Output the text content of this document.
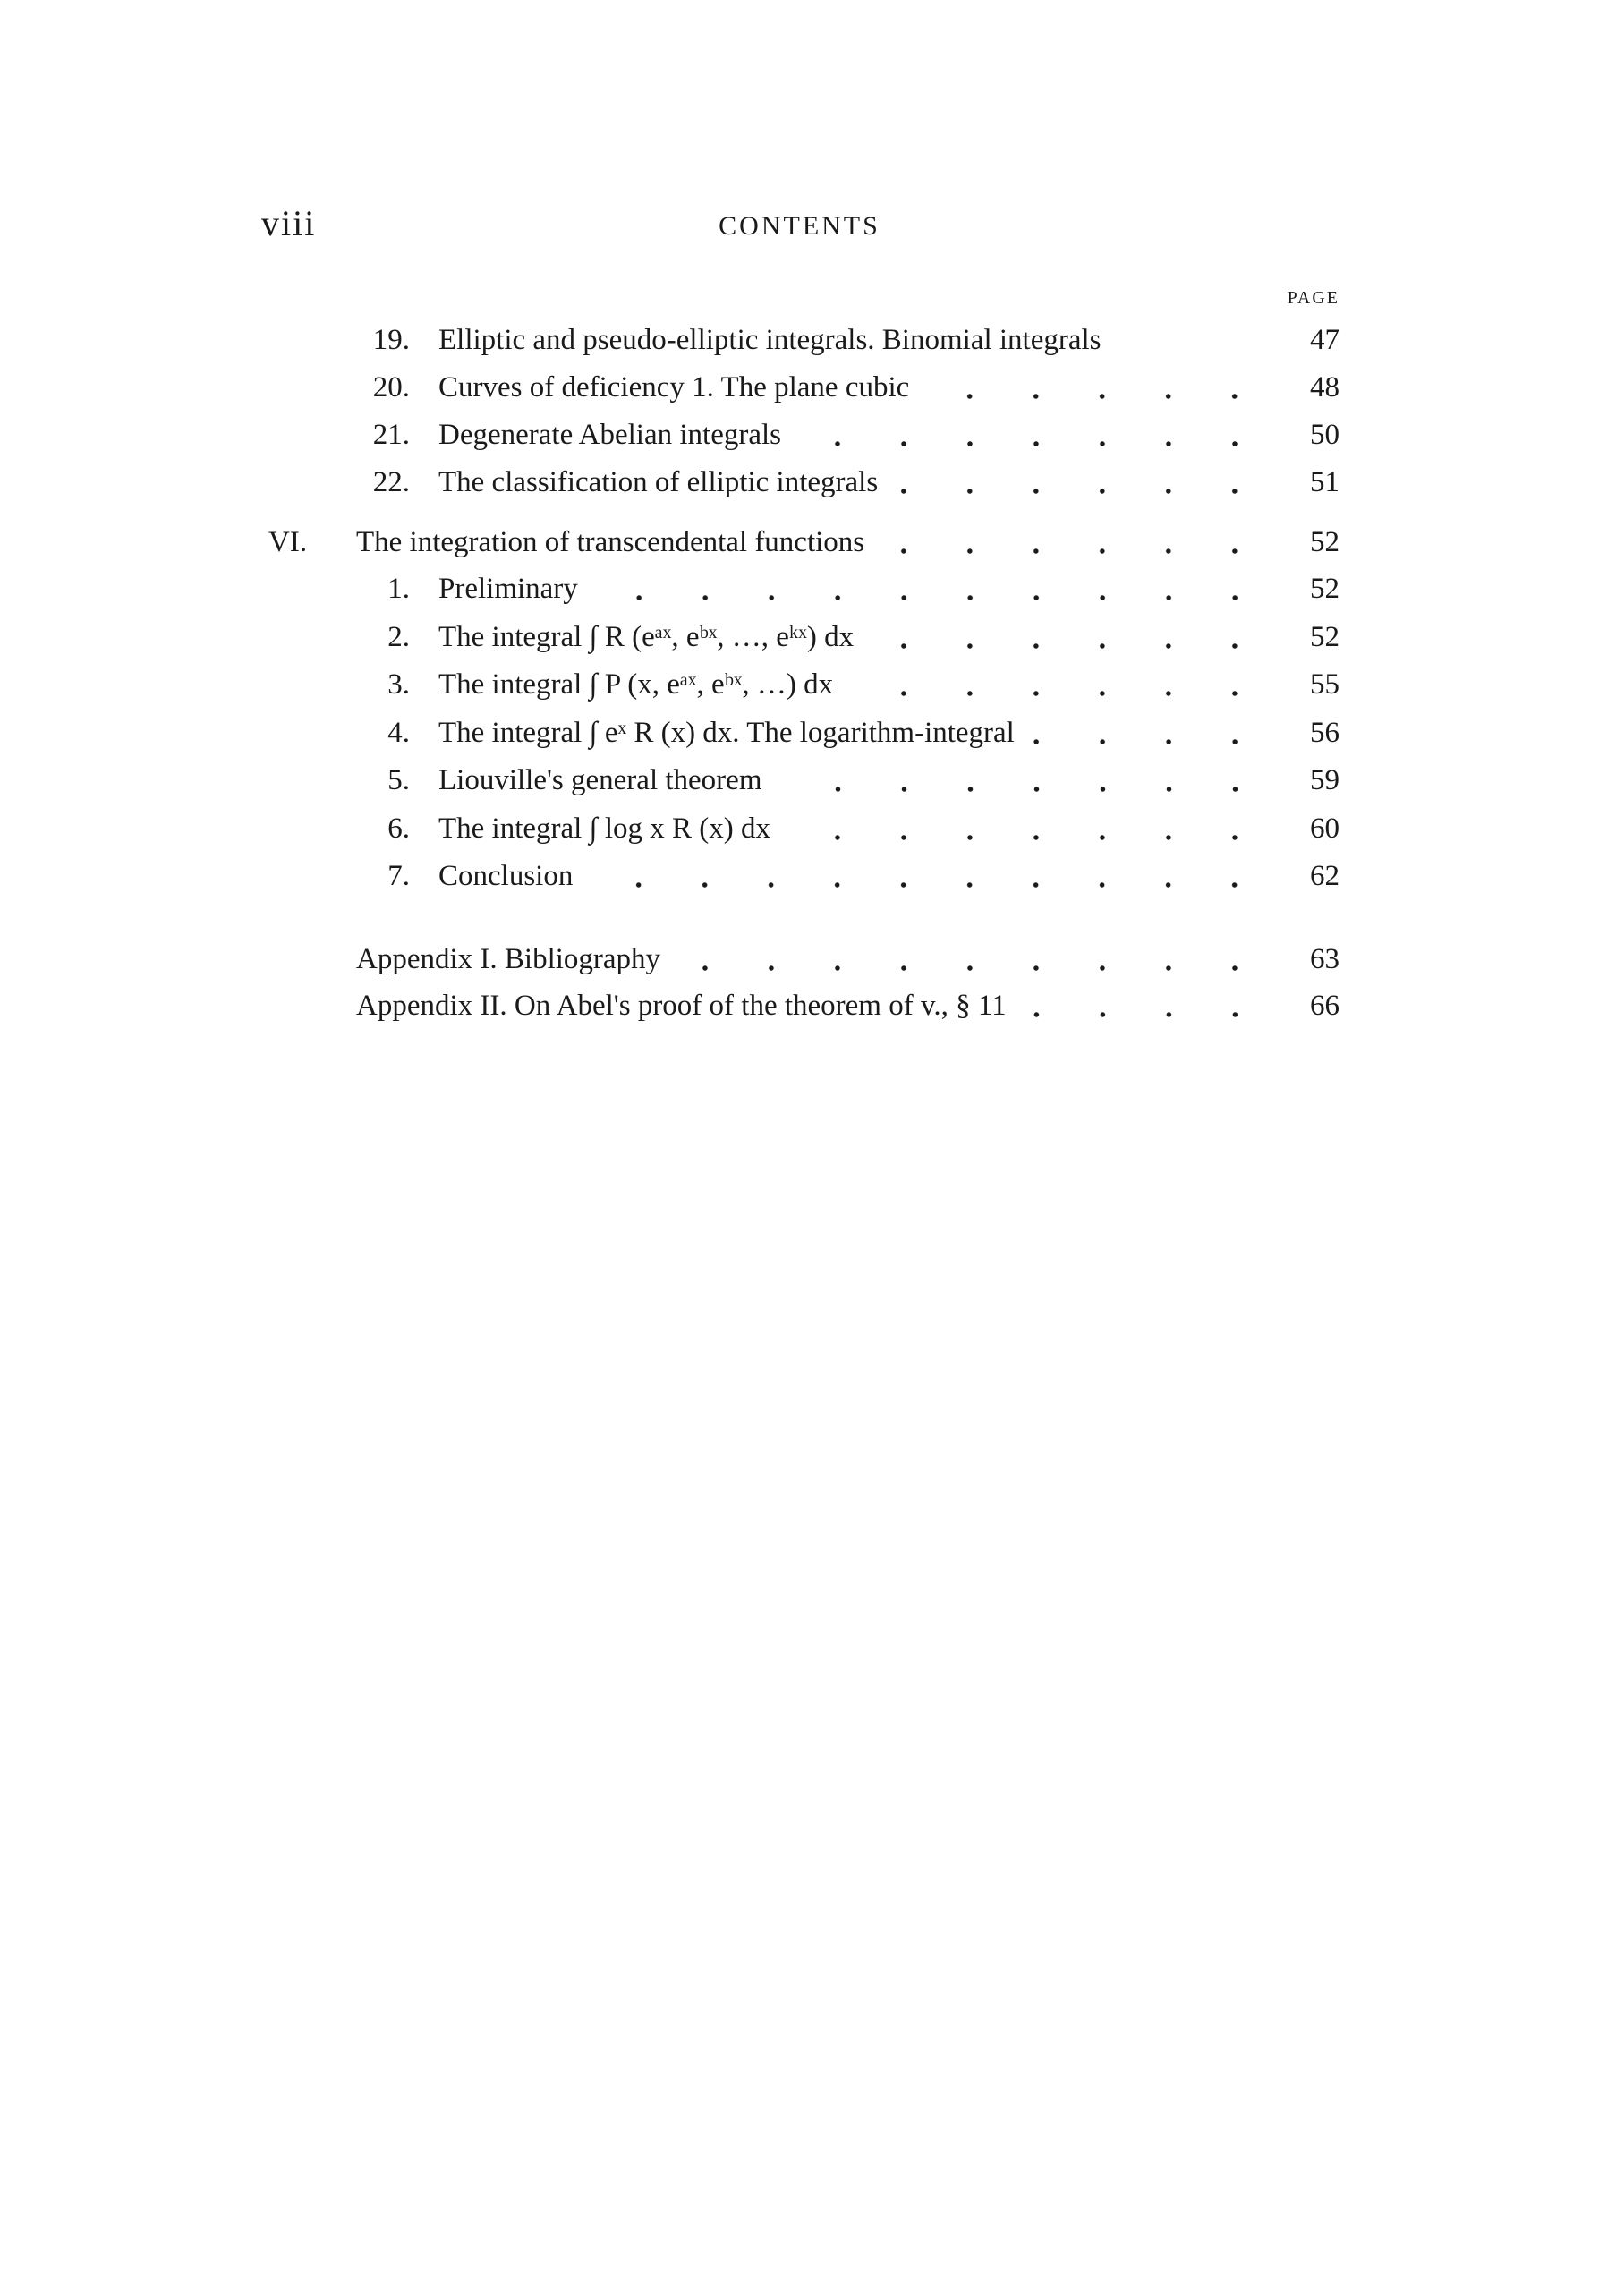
viii	CONTENTS
PAGE
19. Elliptic and pseudo-elliptic integrals. Binomial integrals	47
20. Curves of deficiency 1. The plane cubic	48
21. Degenerate Abelian integrals	50
22. The classification of elliptic integrals	51
VI.	The integration of transcendental functions	52
1. Preliminary	52
2. The integral ∫ R (eᵃˣ, eᵇˣ, …, eᵏˣ) dx	52
3. The integral ∫ P (x, eᵃˣ, eᵇˣ, …) dx	55
4. The integral ∫ eˣ R (x) dx. The logarithm-integral	56
5. Liouville's general theorem	59
6. The integral ∫ log x R (x) dx	60
7. Conclusion	62
Appendix I. Bibliography	63
Appendix II. On Abel's proof of the theorem of v., § 11	66
